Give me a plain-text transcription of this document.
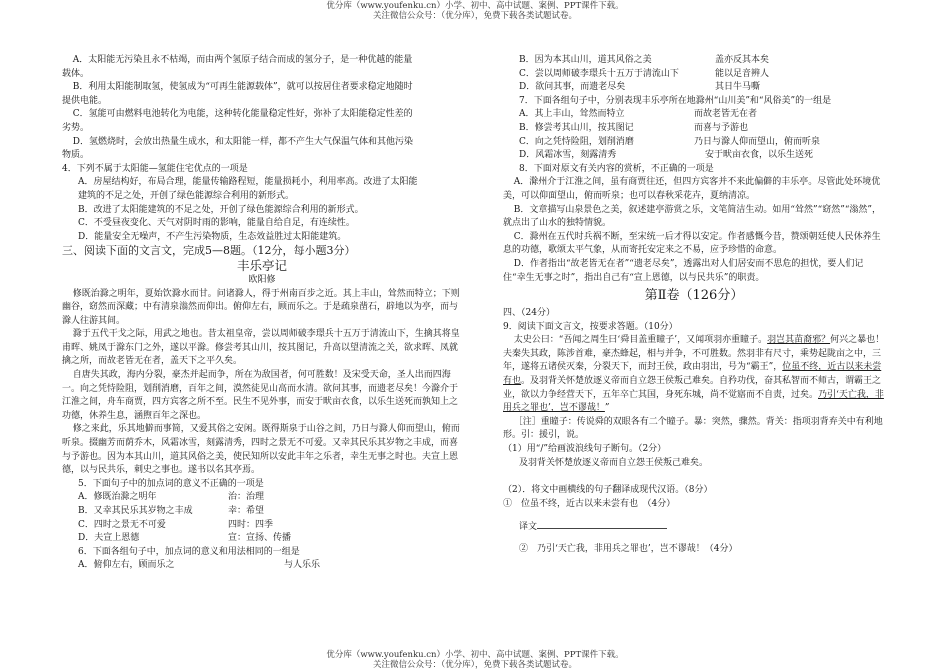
优分库（www.youfenku.cn）小学、初中、高中试题、案例、PPT课件下载。
关注微信公众号：（优分库），免费下载各类试题试卷。

A．太阳能无污染且永不枯竭，而由两个氢原子结合而成的氢分子，是一种优越的能量
载体。

B．利用太阳能制取氢，使氢成为“可再生能源载体”，就可以按居住者要求稳定地随时
提供电能。

C．氢能可由燃料电池转化为电能，这种转化能量稳定性好，弥补了太阳能稳定性差的
劣势。

D．氢燃烧时，会放出热量生成水，和太阳能一样，都不产生大气保温气体和其他污染
物质。

4．下列不属于太阳能—氢能住宅优点的一项是

A．房屋结构好，布局合理，能量传输路程短，能量损耗小，利用率高。改进了太阳能
建筑的不足之处，开创了绿色能源综合利用的新形式。

B．改进了太阳能建筑的不足之处，开创了绿色能源综合利用的新形式。

C．不受昼夜变化、天气对阴时雨的影响，能量自给自足，有连续性。

D．能量安全无噪声，不产生污染物质，生态效益胜过太阳能建筑。

三、阅读下面的文言文，完成5—8题。（12分，每小题3分）

丰乐亭记

欧阳修

修既治滁之明年，夏始饮滁水而甘。问诸滁人，得于州南百步之近。其上丰山，耸然而特立；下则幽谷，窈然而深藏；中有清泉滃然而仰出。俯仰左右，顾而乐之。于是疏泉凿石，辟地以为亭，而与滁人往游其间。

滁于五代干戈之际，用武之地也。昔太祖皇帝，尝以周师破李璟兵十五万于清流山下，生擒其将皇甫晖、姚凤于滁东门之外，遂以平滁。修尝考其山川，按其图记，升高以望清流之关，欲求晖、凤就擒之所，而故老皆无在者，盖天下之平久矣。

自唐失其政，海内分裂，豪杰并起而争，所在为敌国者，何可胜数！及宋受天命，圣人出而四海一。向之凭恃险阻，划削消磨，百年之间，漠然徒见山高而水清。欲问其事，而遗老尽矣！今滁介于江淮之间，舟车商贾，四方宾客之所不至。民生不见外事，而安于畎亩衣食，以乐生送死而孰知上之功德，休养生息，涵煦百年之深也。

修之来此，乐其地僻而事简，又爱其俗之安闲。既得斯泉于山谷之间，乃日与滁人仰而望山，俯而听泉。掇幽芳而荫乔木，风霜冰雪，刻露清秀，四时之景无不可爱。又幸其民乐其岁物之丰成，而喜与予游也。因为本其山川，道其风俗之美，使民知所以安此丰年之乐者，幸生无事之时也。夫宣上恩德，以与民共乐，刺史之事也。遂书以名其亭焉。

5．下面句子中的加点词的意义不正确的一项是

A．修既治滁之明年	治：治理

B．又幸其民乐其岁物之丰成	幸：希望

C．四时之景无不可爱	四时：四季

D．夫宣上恩德	宣：宣扬、传播

6．下面各组句子中，加点词的意义和用法相同的一组是

A．俯仰左右，顾而乐之	与人乐乐

B．因为本其山川，道其风俗之美	盖亦反其本矣

C．尝以周师破李璟兵十五万于清流山下	能以足音辨人

D．欲问其事，而遗老尽矣	其日牛马嘶

7．下面各组句子中，分别表现丰乐亭所在地滁州“山川美”和“风俗美”的一组是

A．其上丰山，耸然而特立	而故老皆无在者

B．修尝考其山川，按其图记	而喜与予游也

C．向之凭恃险阻，划削消磨	乃日与滁人仰而望山，俯而听泉

D．风霜冰雪，刻露清秀	安于畎亩衣食，以乐生送死

8．下面对原文有关内容的赏析，不正确的一项是

A．滁州介于江淮之间，虽有商贾往还，但四方宾客并不来此偏僻的丰乐亭。尽管此处环境优美，可以仰面望山，俯而听泉；也可以春秋采花卉，夏纳清凉。

B．文章描写山泉景色之美，叙述建亭游赏之乐，文笔简洁生动。如用“耸然”“窈然”“滃然”，就点出了山水的独特情貌。

C．滁州在五代时兵祸不断，至宋统一后才得以安定。作者感慨今昔，赞颂朝廷使人民休养生息的功德，歌颂太平气象，从而寄托安定来之不易，应予珍惜的命意。

D．作者指出“故老皆无在者”“遗老尽矣”，透露出对人们居安而不思危的担忧，要人们记住“幸生无事之时”，指出自己有“宣上恩德，以与民共乐”的职责。

第Ⅱ卷（126分）

四、（24分）

9．阅读下面文言文，按要求答题。（10分）

太史公曰：“吾闻之周生曰‘舜目盖重瞳子’，又闻项羽亦重瞳子。羽岂其苗裔邪？何兴之暴也！夫秦失其政，陈涉首难，豪杰蜂起，相与并争，不可胜数。然羽非有尺寸，乘势起陇亩之中，三年，遂将五诸侯灭秦，分裂天下，而封王侯，政由羽出，号为“霸王”，位虽不终，近古以来未尝有也。及羽背关怀楚放逐义帝而自立怨王侯叛己难矣。自矜功伐，奋其私智而不师古，谓霸王之业，欲以力争经营天下，五年卒亡其国，身死东城，尚不觉寤而不自责，过矣。乃引‘天亡我，非用兵之罪也’，岂不谬哉！”

［注］重瞳子：传说舜的双眼各有二个瞳子。暴：突然，骤然。背关：指项羽背弃关中有利地形。引：援引，说。

（1）用“/”给画波浪线句子断句。（2分）

及羽背关怀楚放逐义帝而自立怨王侯叛己难矣。

（2）．将文中画横线的句子翻译成现代汉语。（8分）

①　位虽不终，近古以来未尝有也　（4分）

译文

②　乃引‘天亡我，非用兵之罪也’，岂不谬哉！（4分）

优分库（www.youfenku.cn）小学、初中、高中试题、案例、PPT课件下载。
关注微信公众号：（优分库），免费下载各类试题试卷。
